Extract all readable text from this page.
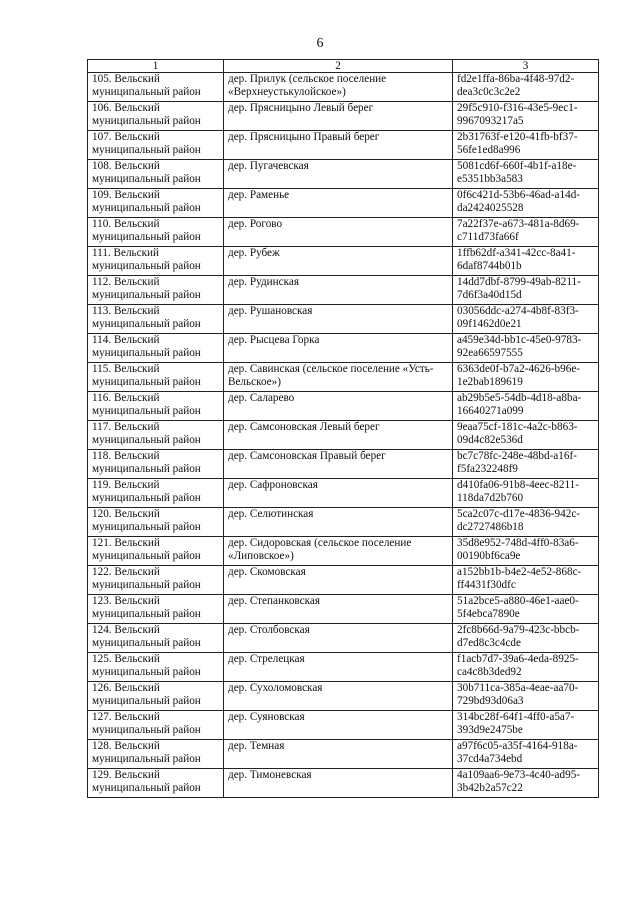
6
1	2	3

105. Вельский
муниципальный район	дер. Прилук (сельское поселение
«Верхнеустькулойское»)	fd2e1ffa-86ba-4f48-97d2-
dea3c0c3c2e2

106. Вельский
муниципальный район	дер. Прясницыно Левый берег	29f5c910-f316-43e5-9ec1-
9967093217a5

107. Вельский
муниципальный район	дер. Прясницыно Правый берег	2b31763f-e120-41fb-bf37-
56fe1ed8a996

108. Вельский
муниципальный район	дер. Пугачевская	5081cd6f-660f-4b1f-a18e-
e5351bb3a583

109. Вельский
муниципальный район	дер. Раменье	0f6c421d-53b6-46ad-a14d-
da2424025528

110. Вельский
муниципальный район	дер. Рогово	7a22f37e-a673-481a-8d69-
c711d73fa66f

111. Вельский
муниципальный район	дер. Рубеж	1ffb62df-a341-42cc-8a41-
6daf8744b01b

112. Вельский
муниципальный район	дер. Рудинская	14dd7dbf-8799-49ab-8211-
7d6f3a40d15d

113. Вельский
муниципальный район	дер. Рушановская	03056ddc-a274-4b8f-83f3-
09f1462d0e21

114. Вельский
муниципальный район	дер. Рысцева Горка	a459e34d-bb1c-45e0-9783-
92ea66597555

115. Вельский
муниципальный район	дер. Савинская (сельское поселение «Усть-
Вельское»)	6363de0f-b7a2-4626-b96e-
1e2bab189619

116. Вельский
муниципальный район	дер. Саларево	ab29b5e5-54db-4d18-a8ba-
16640271a099

117. Вельский
муниципальный район	дер. Самсоновская Левый берег	9eaa75cf-181c-4a2c-b863-
09d4c82e536d

118. Вельский
муниципальный район	дер. Самсоновская Правый берег	bc7c78fc-248e-48bd-a16f-
f5fa232248f9

119. Вельский
муниципальный район	дер. Сафроновская	d410fa06-91b8-4eec-8211-
118da7d2b760

120. Вельский
муниципальный район	дер. Селютинская	5ca2c07c-d17e-4836-942c-
dc2727486b18

121. Вельский
муниципальный район	дер. Сидоровская (сельское поселение
«Липовское»)	35d8e952-748d-4ff0-83a6-
00190bf6ca9e

122. Вельский
муниципальный район	дер. Скомовская	a152bb1b-b4e2-4e52-868c-
ff4431f30dfc

123. Вельский
муниципальный район	дер. Степанковская	51a2bce5-a880-46e1-aae0-
5f4ebca7890e

124. Вельский
муниципальный район	дер. Столбовская	2fc8b66d-9a79-423c-bbcb-
d7ed8c3c4cde

125. Вельский
муниципальный район	дер. Стрелецкая	f1acb7d7-39a6-4eda-8925-
ca4c8b3ded92

126. Вельский
муниципальный район	дер. Сухоломовская	30b711ca-385a-4eae-aa70-
729bd93d06a3

127. Вельский
муниципальный район	дер. Суяновская	314bc28f-64f1-4ff0-a5a7-
393d9e2475be

128. Вельский
муниципальный район	дер. Темная	a97f6c05-a35f-4164-918a-
37cd4a734ebd

129. Вельский
муниципальный район	дер. Тимоневская	4a109aa6-9e73-4c40-ad95-
3b42b2a57c22
